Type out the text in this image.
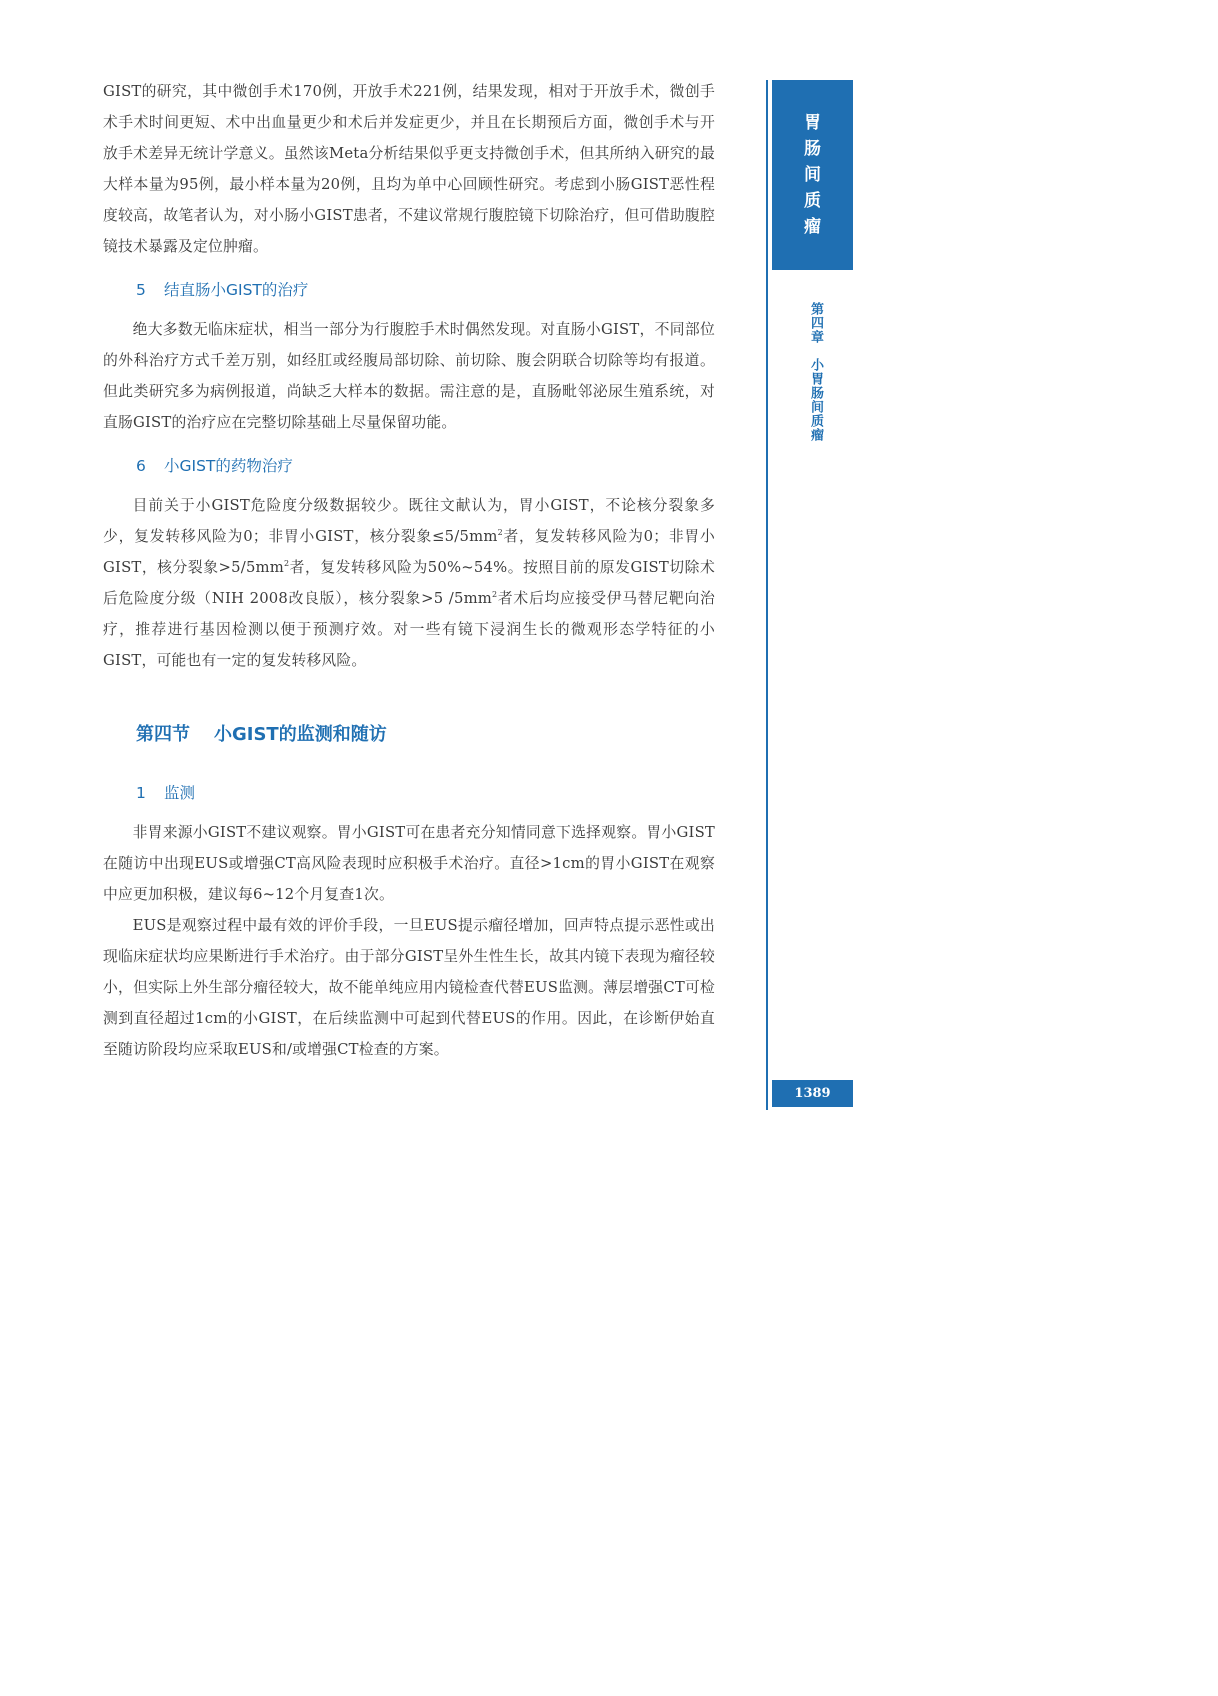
GIST的研究，其中微创手术170例，开放手术221例，结果发现，相对于开放手术，微创手术手术时间更短、术中出血量更少和术后并发症更少，并且在长期预后方面，微创手术与开放手术差异无统计学意义。虽然该Meta分析结果似乎更支持微创手术，但其所纳入研究的最大样本量为95例，最小样本量为20例，且均为单中心回顾性研究。考虑到小肠GIST恶性程度较高，故笔者认为，对小肠小GIST患者，不建议常规行腹腔镜下切除治疗，但可借助腹腔镜技术暴露及定位肿瘤。

5 结直肠小GIST的治疗

绝大多数无临床症状，相当一部分为行腹腔手术时偶然发现。对直肠小GIST，不同部位的外科治疗方式千差万别，如经肛或经腹局部切除、前切除、腹会阴联合切除等均有报道。但此类研究多为病例报道，尚缺乏大样本的数据。需注意的是，直肠毗邻泌尿生殖系统，对直肠GIST的治疗应在完整切除基础上尽量保留功能。

6 小GIST的药物治疗

目前关于小GIST危险度分级数据较少。既往文献认为，胃小GIST，不论核分裂象多少，复发转移风险为0；非胃小GIST，核分裂象$\le 5/5mm^2$者，复发转移风险为0；非胃小GIST，核分裂象$>5/5mm^2$者，复发转移风险为50%~54%。按照目前的原发GIST切除术后危险度分级（NIH 2008改良版），核分裂象>5 $/5mm^2$者术后均应接受伊马替尼靶向治疗，推荐进行基因检测以便于预测疗效。对一些有镜下浸润生长的微观形态学特征的小GIST，可能也有一定的复发转移风险。

第四节 小GIST的监测和随访

1 监测

非胃来源小GIST不建议观察。胃小GIST可在患者充分知情同意下选择观察。胃小GIST在随访中出现EUS或增强CT高风险表现时应积极手术治疗。直径>1cm的胃小GIST在观察中应更加积极，建议每6~12个月复查1次。

EUS是观察过程中最有效的评价手段，一旦EUS提示瘤径增加，回声特点提示恶性或出现临床症状均应果断进行手术治疗。由于部分GIST呈外生性生长，故其内镜下表现为瘤径较小，但实际上外生部分瘤径较大，故不能单纯应用内镜检查代替EUS监测。薄层增强CT可检测到直径超过1cm的小GIST，在后续监测中可起到代替EUS的作用。因此，在诊断伊始直至随访阶段均应采取EUS和/或增强CT检查的方案。

胃
肠
间
质
瘤
第四章　小胃肠间质瘤
1389
